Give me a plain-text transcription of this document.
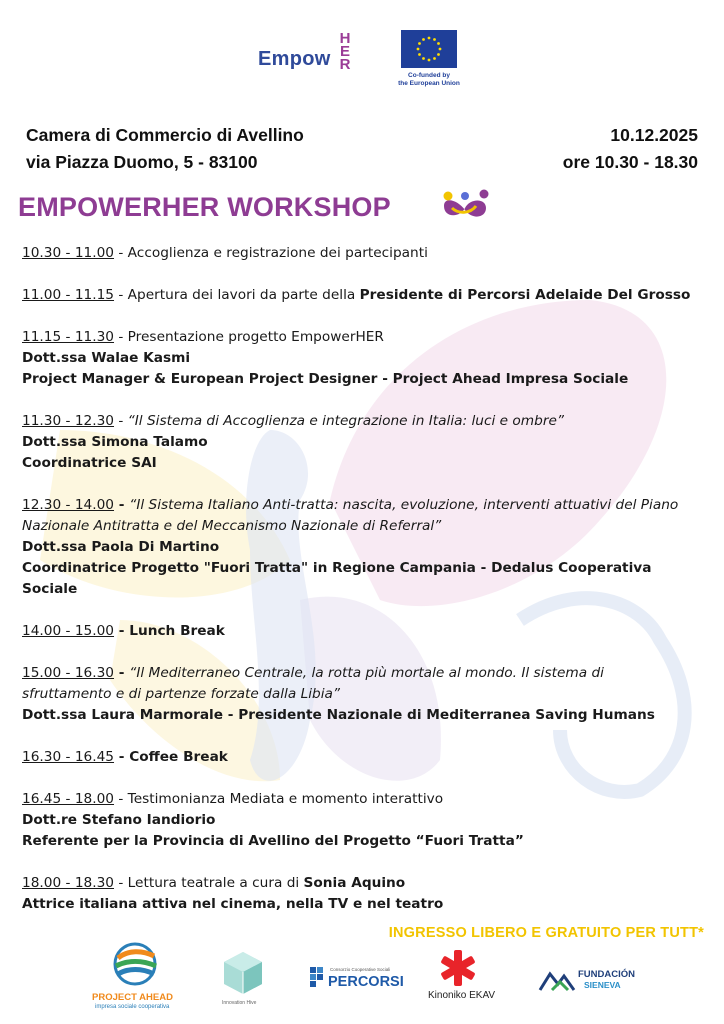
Empow
H
E
R
Co-funded by
the European Union
Camera di Commercio di Avellino
via Piazza Duomo, 5 - 83100
10.12.2025
ore 10.30 - 18.30
EMPOWERHER WORKSHOP
10.30 - 11.00 - Accoglienza e registrazione dei partecipanti
11.00 - 11.15 - Apertura dei lavori da parte della Presidente di Percorsi Adelaide Del Grosso
11.15 - 11.30 - Presentazione progetto EmpowerHER
Dott.ssa Walae Kasmi
Project Manager & European Project Designer - Project Ahead Impresa Sociale
11.30 - 12.30 - “Il Sistema di Accoglienza e integrazione in Italia: luci e ombre”
Dott.ssa Simona Talamo
Coordinatrice SAI
12.30 - 14.00 - “Il Sistema Italiano Anti-tratta: nascita, evoluzione, interventi attuativi del Piano Nazionale Antitratta e del Meccanismo Nazionale di Referral”
Dott.ssa Paola Di Martino
Coordinatrice Progetto "Fuori Tratta" in Regione Campania - Dedalus Cooperativa Sociale
14.00 - 15.00 - Lunch Break
15.00 - 16.30 - “Il Mediterraneo Centrale, la rotta più mortale al mondo. Il sistema di sfruttamento e di partenze forzate dalla Libia”
Dott.ssa Laura Marmorale - Presidente Nazionale di Mediterranea Saving Humans
16.30 - 16.45 - Coffee Break
16.45 - 18.00 - Testimonianza Mediata e momento interattivo
Dott.re Stefano Iandiorio
Referente per la Provincia di Avellino del Progetto “Fuori Tratta”
18.00 - 18.30 - Lettura teatrale a cura di Sonia Aquino
Attrice italiana attiva nel cinema, nella TV e nel teatro
INGRESSO LIBERO E GRATUITO PER TUTT*
PROJECT AHEAD
impresa sociale cooperativa
Innovation Hive
Consorzio Cooperative Sociali
PERCORSI
Kinoniko EKAV
FUNDACIÓN
SIENEVA
